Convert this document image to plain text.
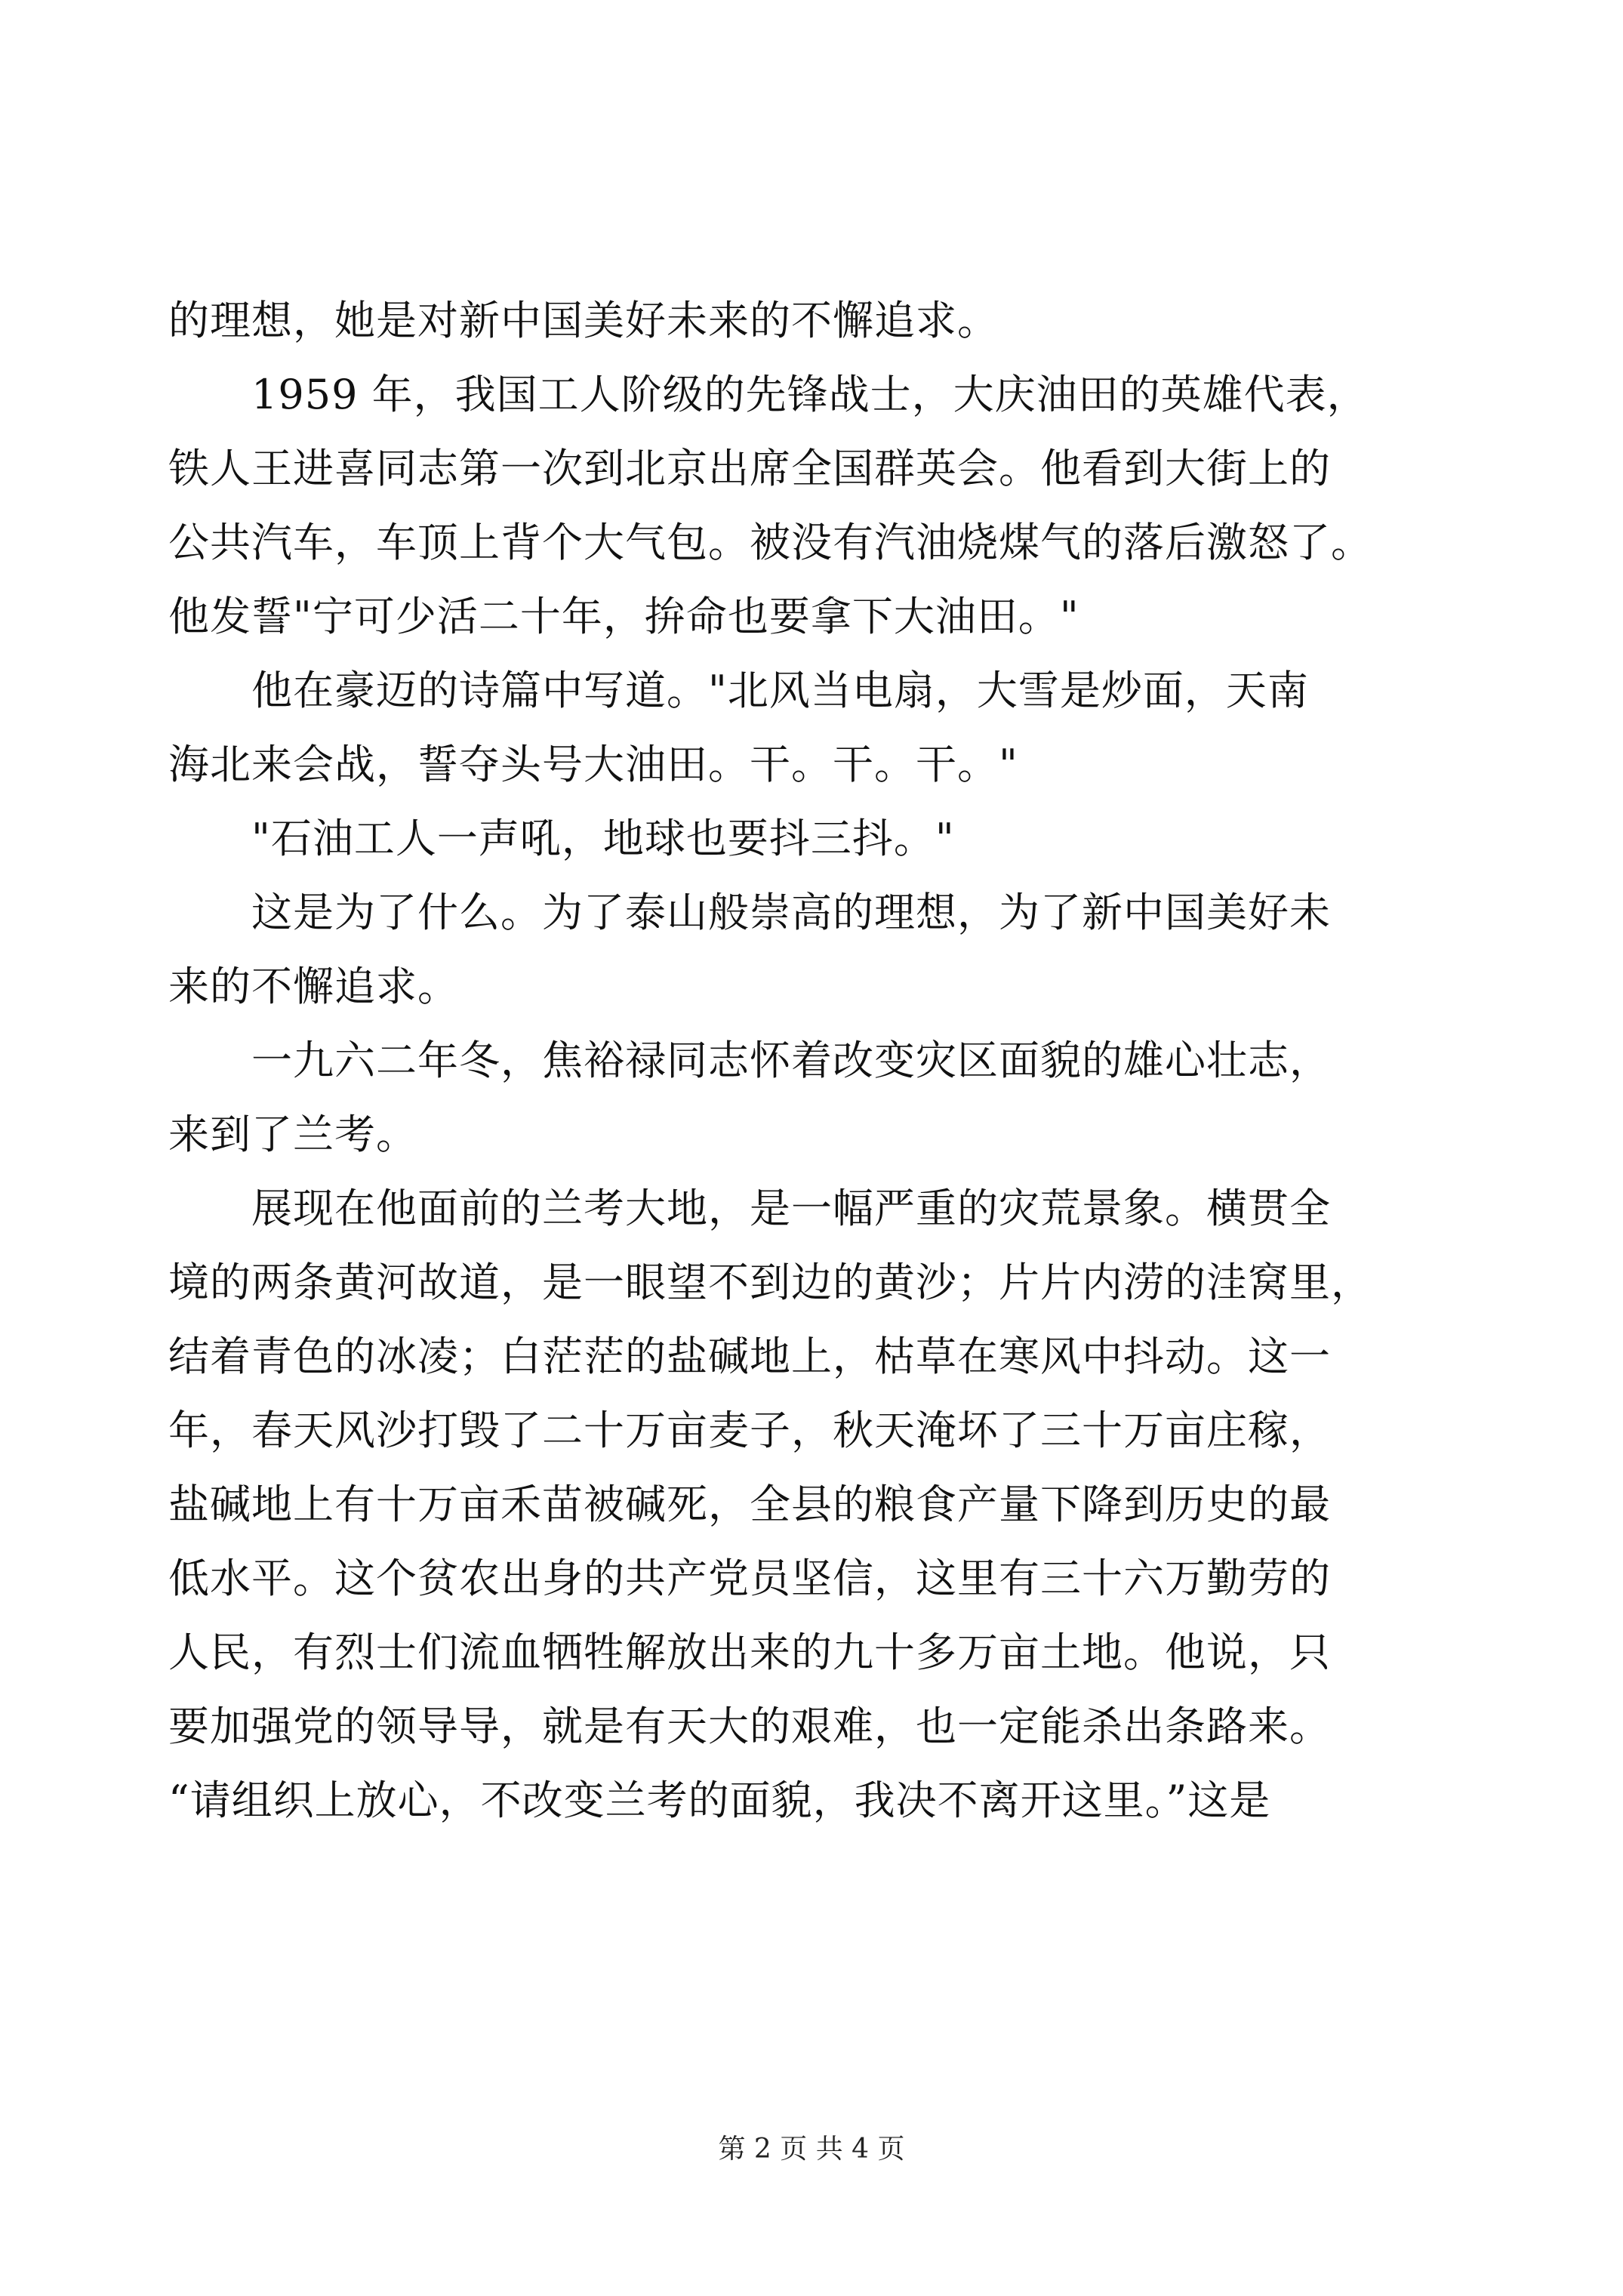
的理想，她是对新中国美好未来的不懈追求。
　　1959 年，我国工人阶级的先锋战士，大庆油田的英雄代表，
铁人王进喜同志第一次到北京出席全国群英会。他看到大街上的
公共汽车，车顶上背个大气包。被没有汽油烧煤气的落后激怒了。
他发誓"宁可少活二十年，拚命也要拿下大油田。"
　　他在豪迈的诗篇中写道。"北风当电扇，大雪是炒面，天南
海北来会战，誓夺头号大油田。干。干。干。"
　　"石油工人一声吼，地球也要抖三抖。"
　　这是为了什么。为了泰山般崇高的理想，为了新中国美好未
来的不懈追求。
　　一九六二年冬，焦裕禄同志怀着改变灾区面貌的雄心壮志，
来到了兰考。
　　展现在他面前的兰考大地，是一幅严重的灾荒景象。横贯全
境的两条黄河故道，是一眼望不到边的黄沙；片片内涝的洼窝里，
结着青色的冰凌；白茫茫的盐碱地上，枯草在寒风中抖动。这一
年，春天风沙打毁了二十万亩麦子，秋天淹坏了三十万亩庄稼，
盐碱地上有十万亩禾苗被碱死，全县的粮食产量下降到历史的最
低水平。这个贫农出身的共产党员坚信，这里有三十六万勤劳的
人民，有烈士们流血牺牲解放出来的九十多万亩土地。他说，只
要加强党的领导导，就是有天大的艰难，也一定能杀出条路来。
“请组织上放心，不改变兰考的面貌，我决不离开这里。”这是
第 2 页 共 4 页
